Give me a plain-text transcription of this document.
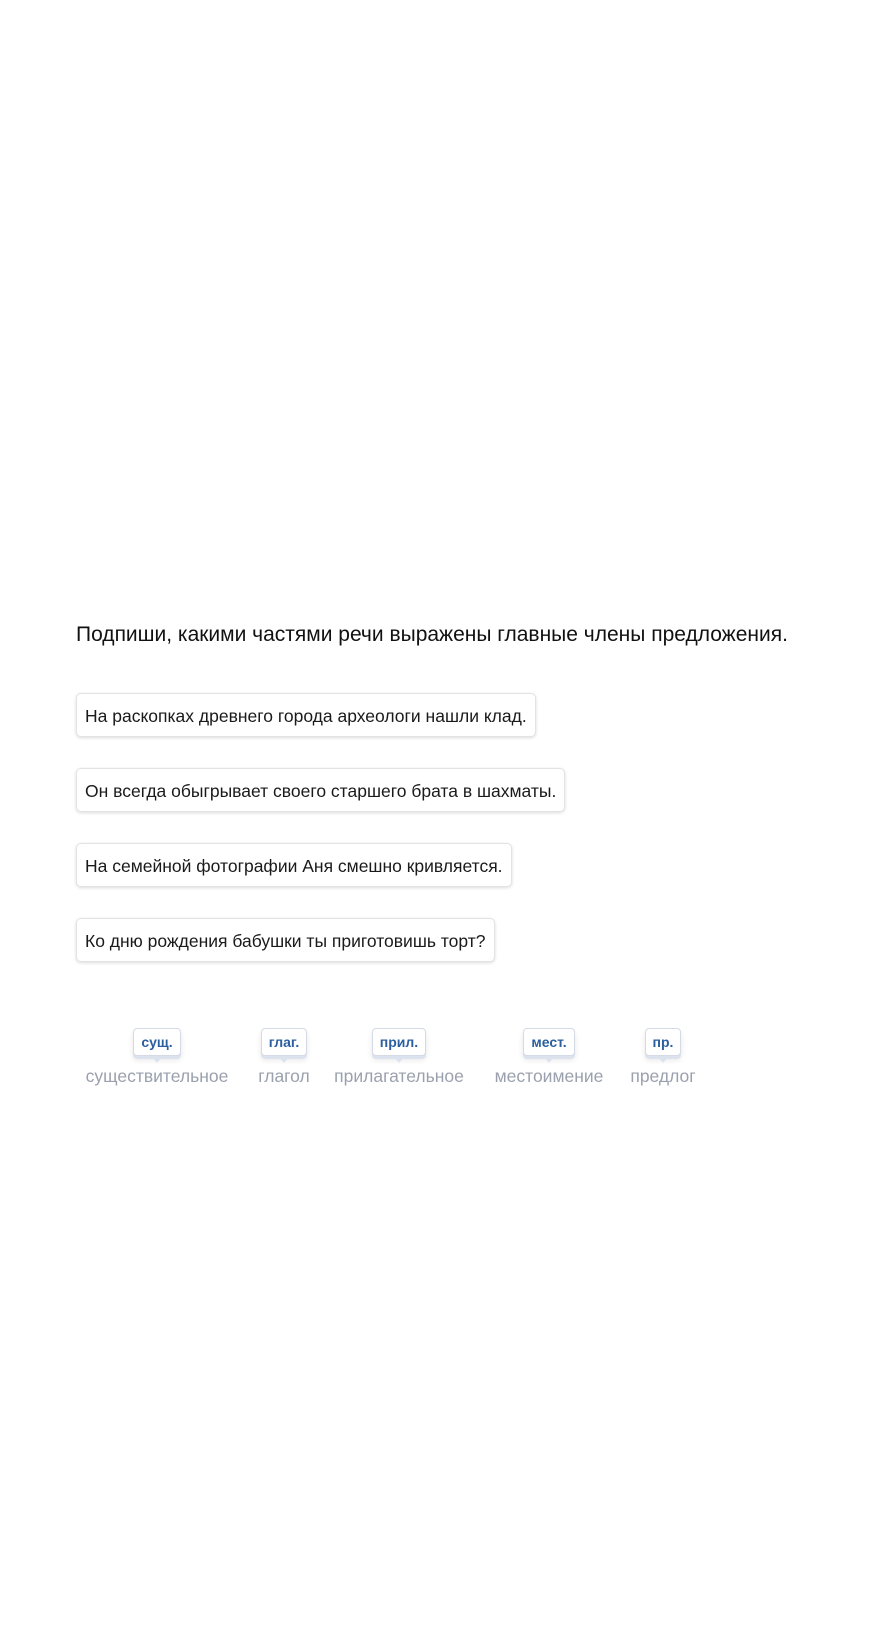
Подпиши, какими частями речи выражены главные члены предложения.

На раскопках древнего города археологи нашли клад.
Он всегда обыгрывает своего старшего брата в шахматы.
На семейной фотографии Аня смешно кривляется.
Ко дню рождения бабушки ты приготовишь торт?
сущ.
существительное
глаг.
глагол
прил.
прилагательное
мест.
местоимение
пр.
предлог
